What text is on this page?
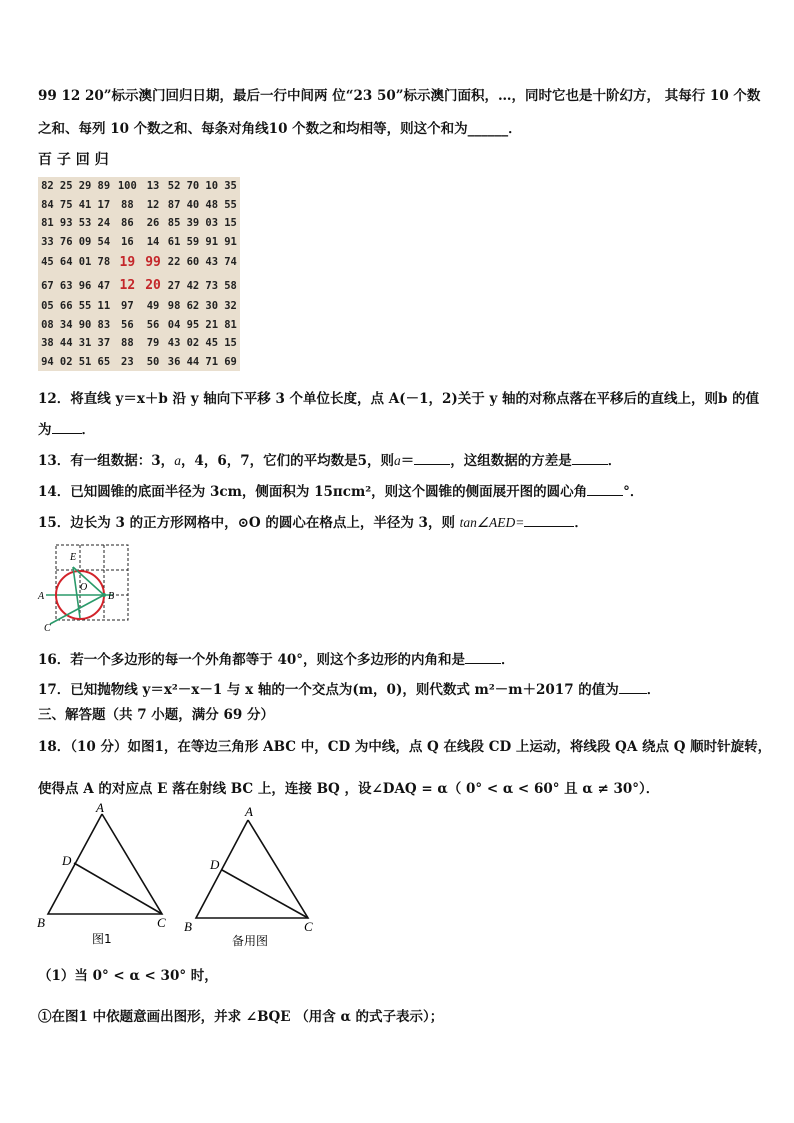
99 12 20”标示澳门回归日期，最后一行中间两 位“23 50”标示澳门面积，…，同时它也是十阶幻方， 其每行 10 个数
之和、每列 10 个数之和、每条对角线10 个数之和均相等，则这个和为______．
百 子 回 归
82	25	29	89	100	13	52	70	10	35
84	75	41	17	88	12	87	40	48	55
81	93	53	24	86	26	85	39	03	15
33	76	09	54	16	14	61	59	91	91
45	64	01	78	19	99	22	60	43	74
67	63	96	47	12	20	27	42	73	58
05	66	55	11	97	49	98	62	30	32
08	34	90	83	56	56	04	95	21	81
38	44	31	37	88	79	43	02	45	15
94	02	51	65	23	50	36	44	71	69
12．将直线 y＝x＋b 沿 y 轴向下平移 3 个单位长度，点 A(－1，2)关于 y 轴的对称点落在平移后的直线上，则b 的值
为 ．
13．有一组数据：3，a，4，6，7，它们的平均数是5，则a＝	，这组数据的方差是	．
14．已知圆锥的底面半径为 3cm，侧面积为 15πcm²，则这个圆锥的侧面展开图的圆心角	°．
15．边长为 3 的正方形网格中，⊙O 的圆心在格点上，半径为 3，则 tan∠AED=	．
E
O
A	B
C
16．若一个多边形的每一个外角都等于 40°，则这个多边形的内角和是	．
17．已知抛物线 y＝x²－x－1 与 x 轴的一个交点为(m，0)，则代数式 m²－m＋2017 的值为 ．
三、解答题（共 7 小题，满分 69 分）
18．（10 分）如图1，在等边三角形 ABC 中，CD 为中线，点 Q 在线段 CD 上运动，将线段 QA 绕点 Q 顺时针旋转，
使得点 A 的对应点 E 落在射线 BC 上，连接 BQ ，设∠DAQ = α（ 0° < α < 60° 且 α ≠ 30°）．
A
D
B	C
图1
A
D
B	C
备用图
（1）当 0° < α < 30° 时，
①在图1 中依题意画出图形，并求 ∠BQE （用含 α 的式子表示）；
